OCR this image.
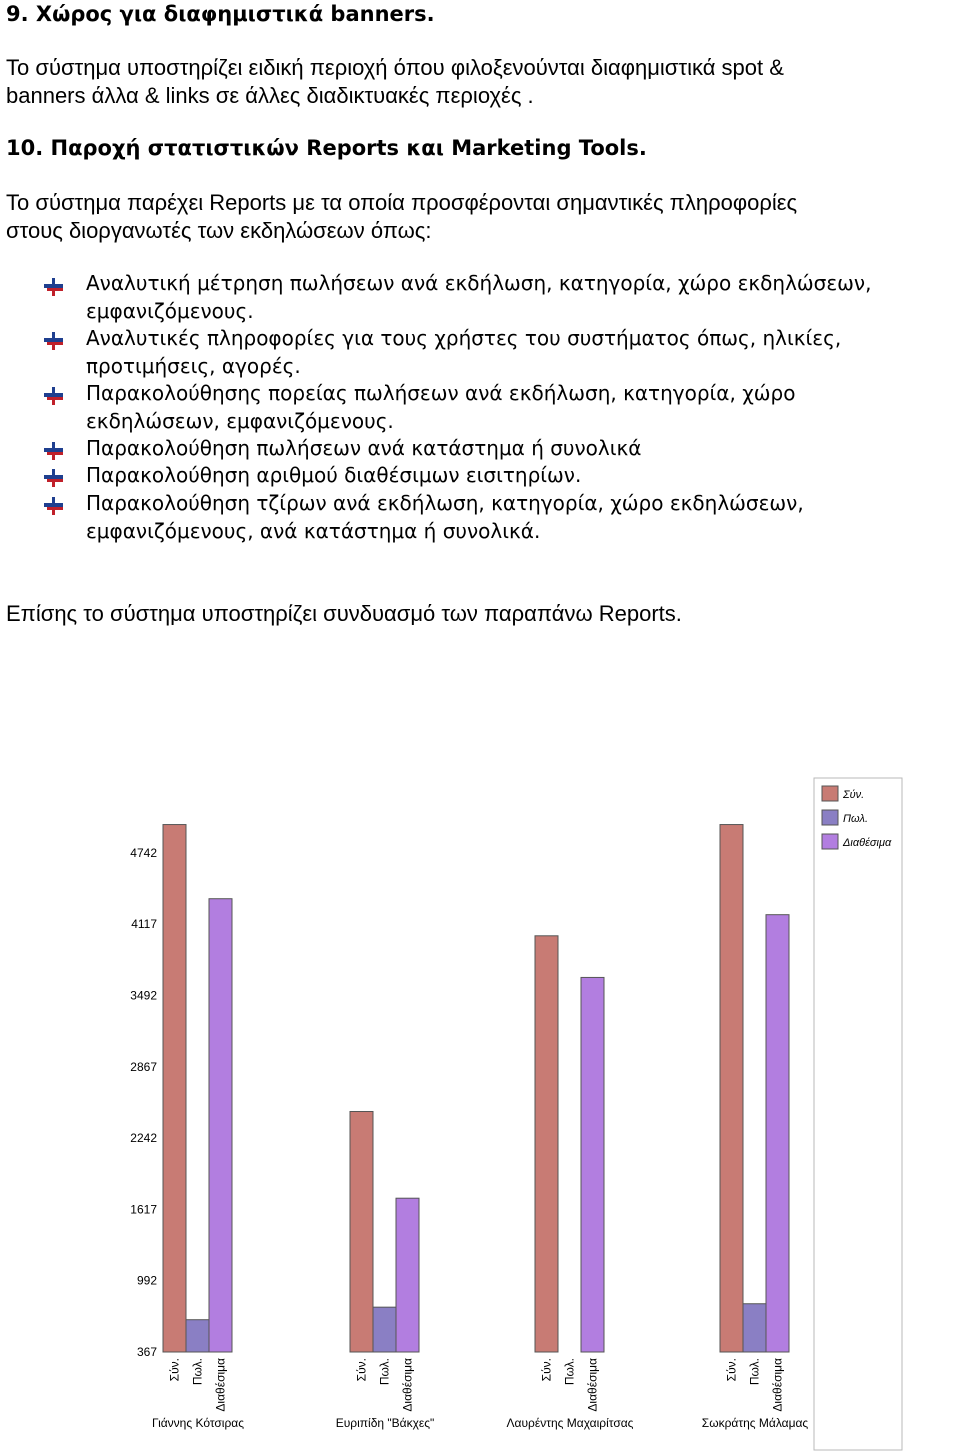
9. Χώρος για διαφημιστικά banners.

Το σύστημα υποστηρίζει ειδική περιοχή όπου φιλοξενούνται διαφημιστικά spot &

banners άλλα & links σε άλλες διαδικτυακές περιοχές .

10. Παροχή στατιστικών Reports και Marketing Tools.

Το σύστημα παρέχει Reports με τα οποία προσφέρονται σημαντικές πληροφορίες

στους διοργανωτές των εκδηλώσεων όπως:

Αναλυτική μέτρηση πωλήσεων ανά εκδήλωση, κατηγορία, χώρο εκδηλώσεων,
εμφανιζόμενους.
Αναλυτικές πληροφορίες για τους χρήστες του συστήματος όπως, ηλικίες,
προτιμήσεις, αγορές.
Παρακολούθησης πορείας πωλήσεων ανά εκδήλωση, κατηγορία, χώρο
εκδηλώσεων, εμφανιζόμενους.
Παρακολούθηση πωλήσεων ανά κατάστημα ή συνολικά
Παρακολούθηση αριθμού διαθέσιμων εισιτηρίων.
Παρακολούθηση τζίρων ανά εκδήλωση, κατηγορία, χώρο εκδηλώσεων,
εμφανιζόμενους, ανά κατάστημα ή συνολικά.

Επίσης το σύστημα υποστηρίζει συνδυασμό των παραπάνω Reports.

367
992
1617
2242
2867
3492
4117
4742
Σύν. Πωλ. Διαθέσιμα
Γιάννης Κότσιρας
Σύν. Πωλ. Διαθέσιμα
Ευριπίδη "Βάκχες"
Σύν. Πωλ. Διαθέσιμα
Λαυρέντης Μαχαιρίτσας
Σύν. Πωλ. Διαθέσιμα
Σωκράτης Μάλαμας
Σύν.
Πωλ.
Διαθέσιμα
